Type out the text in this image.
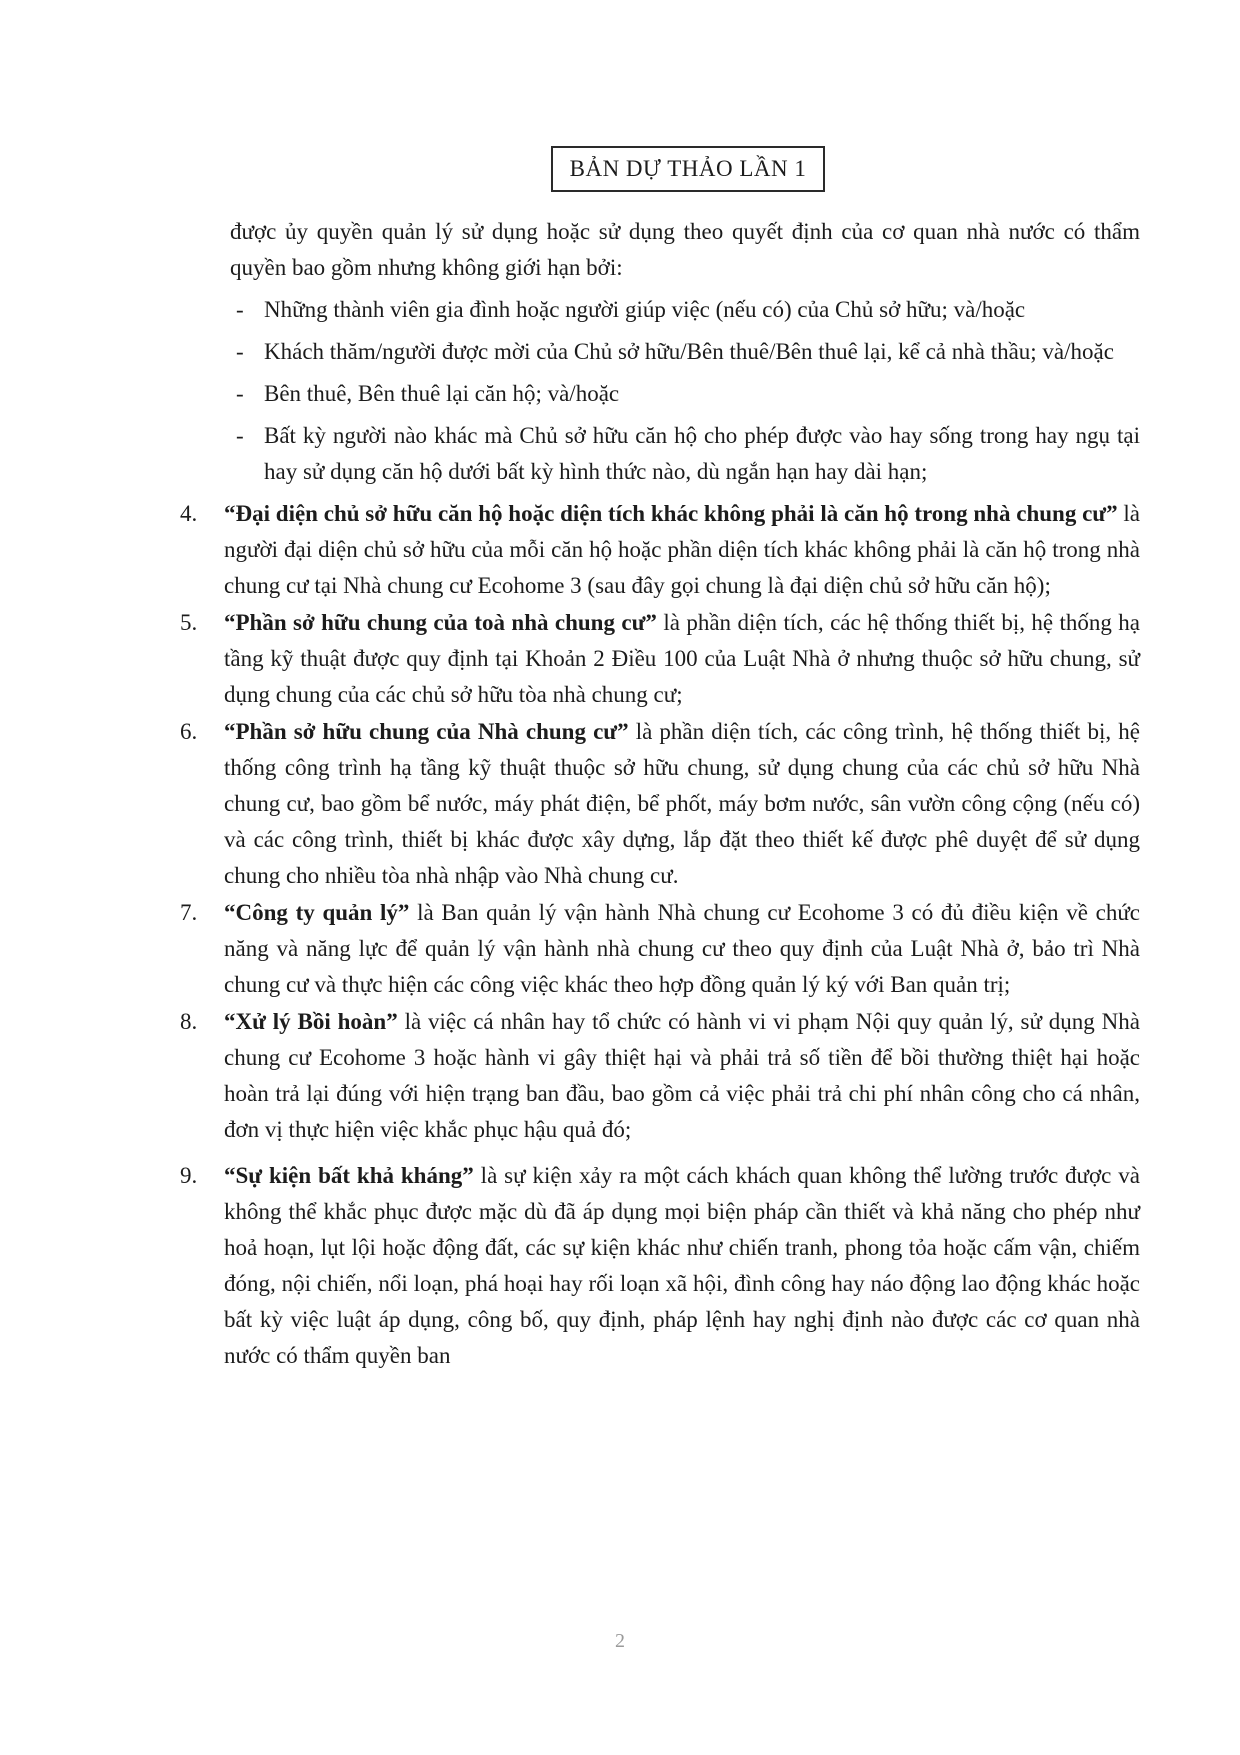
BẢN DỰ THẢO LẦN 1

được ủy quyền quản lý sử dụng hoặc sử dụng theo quyết định của cơ quan nhà nước có thẩm quyền bao gồm nhưng không giới hạn bởi:

- Những thành viên gia đình hoặc người giúp việc (nếu có) của Chủ sở hữu; và/hoặc
- Khách thăm/người được mời của Chủ sở hữu/Bên thuê/Bên thuê lại, kể cả nhà thầu; và/hoặc
- Bên thuê, Bên thuê lại căn hộ; và/hoặc
- Bất kỳ người nào khác mà Chủ sở hữu căn hộ cho phép được vào hay sống trong hay ngụ tại hay sử dụng căn hộ dưới bất kỳ hình thức nào, dù ngắn hạn hay dài hạn;
4. “Đại diện chủ sở hữu căn hộ hoặc diện tích khác không phải là căn hộ trong nhà chung cư” là người đại diện chủ sở hữu của mỗi căn hộ hoặc phần diện tích khác không phải là căn hộ trong nhà chung cư tại Nhà chung cư Ecohome 3 (sau đây gọi chung là đại diện chủ sở hữu căn hộ);
5. “Phần sở hữu chung của toà nhà chung cư” là phần diện tích, các hệ thống thiết bị, hệ thống hạ tầng kỹ thuật được quy định tại Khoản 2 Điều 100 của Luật Nhà ở nhưng thuộc sở hữu chung, sử dụng chung của các chủ sở hữu tòa nhà chung cư;
6. “Phần sở hữu chung của Nhà chung cư” là phần diện tích, các công trình, hệ thống thiết bị, hệ thống công trình hạ tầng kỹ thuật thuộc sở hữu chung, sử dụng chung của các chủ sở hữu Nhà chung cư, bao gồm bể nước, máy phát điện, bể phốt, máy bơm nước, sân vườn công cộng (nếu có) và các công trình, thiết bị khác được xây dựng, lắp đặt theo thiết kế được phê duyệt để sử dụng chung cho nhiều tòa nhà nhập vào Nhà chung cư.
7. “Công ty quản lý” là Ban quản lý vận hành Nhà chung cư Ecohome 3 có đủ điều kiện về chức năng và năng lực để quản lý vận hành nhà chung cư theo quy định của Luật Nhà ở, bảo trì Nhà chung cư và thực hiện các công việc khác theo hợp đồng quản lý ký với Ban quản trị;
8. “Xử lý Bồi hoàn” là việc cá nhân hay tổ chức có hành vi vi phạm Nội quy quản lý, sử dụng Nhà chung cư Ecohome 3 hoặc hành vi gây thiệt hại và phải trả số tiền để bồi thường thiệt hại hoặc hoàn trả lại đúng với hiện trạng ban đầu, bao gồm cả việc phải trả chi phí nhân công cho cá nhân, đơn vị thực hiện việc khắc phục hậu quả đó;
9. “Sự kiện bất khả kháng” là sự kiện xảy ra một cách khách quan không thể lường trước được và không thể khắc phục được mặc dù đã áp dụng mọi biện pháp cần thiết và khả năng cho phép như hoả hoạn, lụt lội hoặc động đất, các sự kiện khác như chiến tranh, phong tỏa hoặc cấm vận, chiếm đóng, nội chiến, nổi loạn, phá hoại hay rối loạn xã hội, đình công hay náo động lao động khác hoặc bất kỳ việc luật áp dụng, công bố, quy định, pháp lệnh hay nghị định nào được các cơ quan nhà nước có thẩm quyền ban
2
